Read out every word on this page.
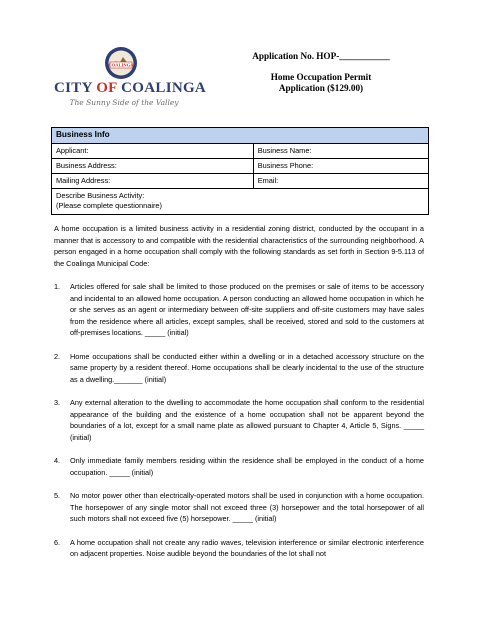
COALINGA
CITY OF COALINGA
The Sunny Side of the Valley
Application No. HOP-___________
Home Occupation Permit
Application ($129.00)
Business Info	
Applicant:	Business Name:
Business Address:	Business Phone:
Mailing Address:	Email:

Describe Business Activity:
(Please complete questionnaire)	

A home occupation is a limited business activity in a residential zoning district, conducted by the occupant in a manner that is accessory to and compatible with the residential characteristics of the surrounding neighborhood. A person engaged in a home occupation shall comply with the following standards as set forth in Section 9-5.113 of the Coalinga Municipal Code:

1.	Articles offered for sale shall be limited to those produced on the premises or sale of items to be accessory and incidental to an allowed home occupation. A person conducting an allowed home occupation in which he or she serves as an agent or intermediary between off-site suppliers and off-site customers may have sales from the residence where all articles, except samples, shall be received, stored and sold to the customers at off-premises locations. _____ (initial)
2.	Home occupations shall be conducted either within a dwelling or in a detached accessory structure on the same property by a resident thereof. Home occupations shall be clearly incidental to the use of the structure as a dwelling._______ (initial)
3.	Any external alteration to the dwelling to accommodate the home occupation shall conform to the residential appearance of the building and the existence of a home occupation shall not be apparent beyond the boundaries of a lot, except for a small name plate as allowed pursuant to Chapter 4, Article 5, Signs. _____ (initial)
4.	Only immediate family members residing within the residence shall be employed in the conduct of a home occupation. _____ (initial)
5.	No motor power other than electrically-operated motors shall be used in conjunction with a home occupation. The horsepower of any single motor shall not exceed three (3) horsepower and the total horsepower of all such motors shall not exceed five (5) horsepower. _____ (initial)
6.	A home occupation shall not create any radio waves, television interference or similar electronic interference on adjacent properties. Noise audible beyond the boundaries of the lot shall not
